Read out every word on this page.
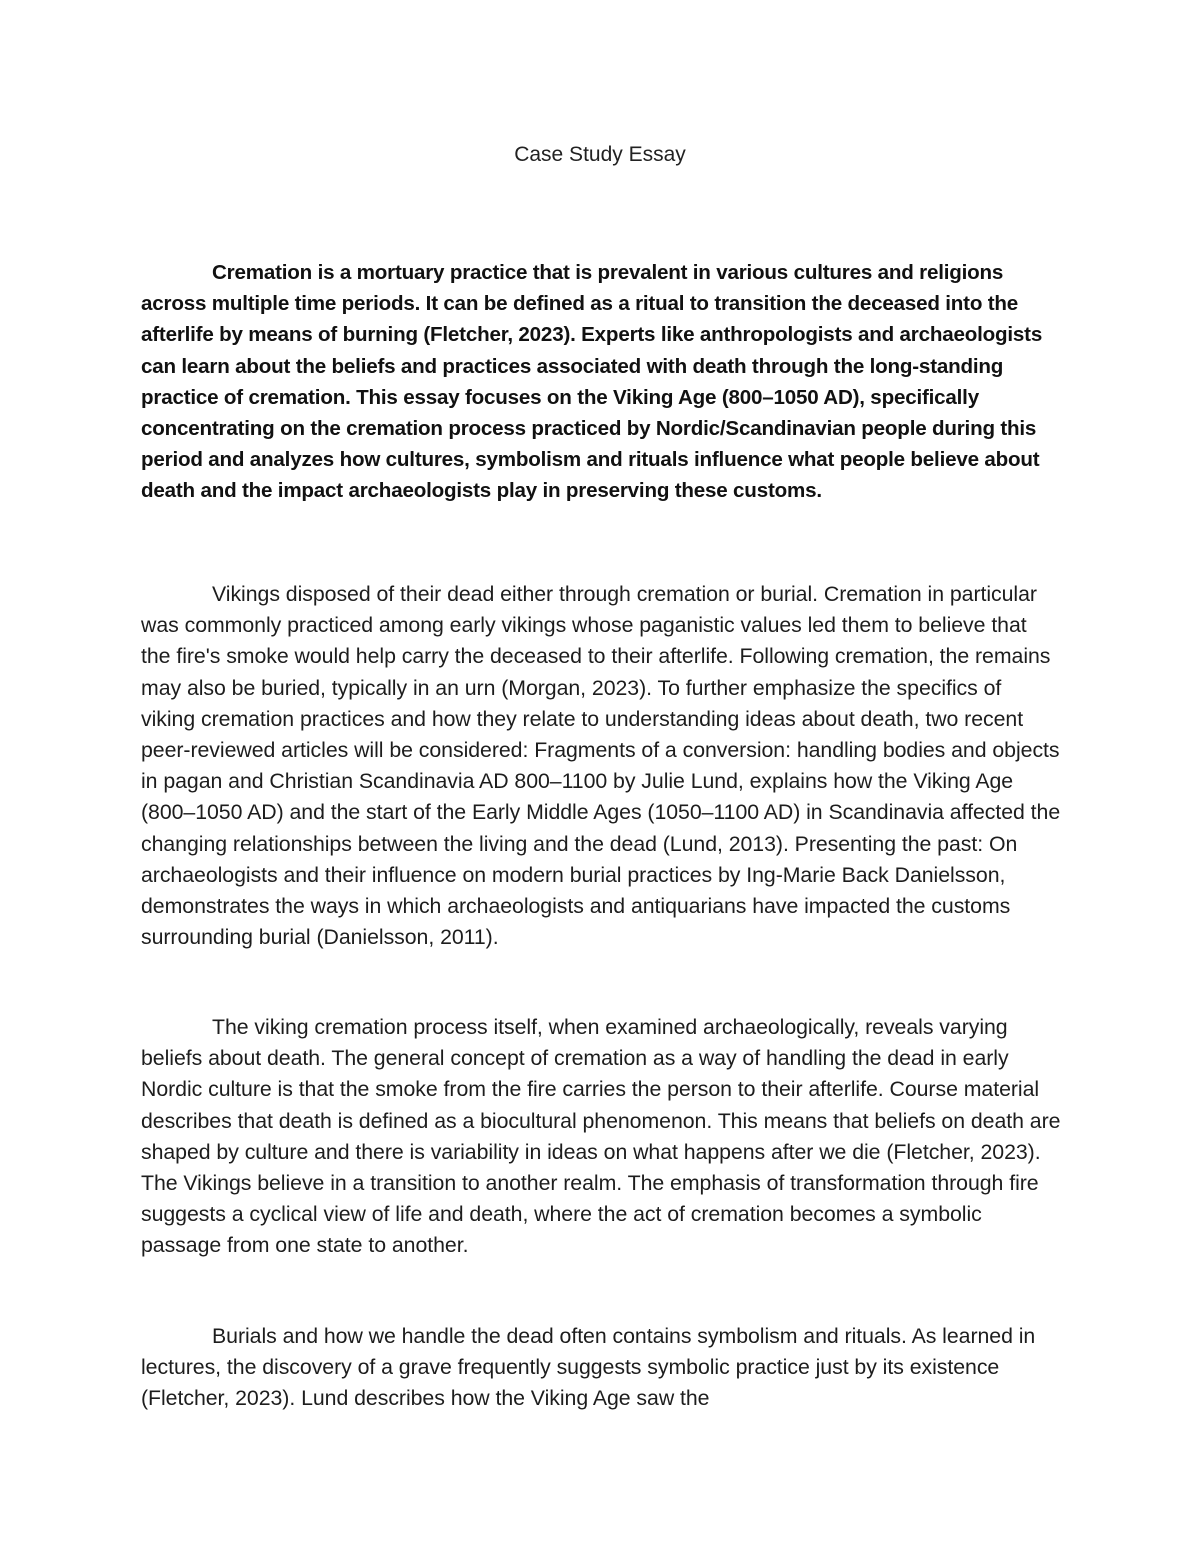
Case Study Essay

Cremation is a mortuary practice that is prevalent in various cultures and religions across multiple time periods. It can be defined as a ritual to transition the deceased into the afterlife by means of burning (Fletcher, 2023). Experts like anthropologists and archaeologists can learn about the beliefs and practices associated with death through the long-standing practice of cremation. This essay focuses on the Viking Age (800–1050 AD), specifically concentrating on the cremation process practiced by Nordic/Scandinavian people during this period and analyzes how cultures, symbolism and rituals influence what people believe about death and the impact archaeologists play in preserving these customs.

Vikings disposed of their dead either through cremation or burial. Cremation in particular was commonly practiced among early vikings whose paganistic values led them to believe that the fire's smoke would help carry the deceased to their afterlife. Following cremation, the remains may also be buried, typically in an urn (Morgan, 2023). To further emphasize the specifics of viking cremation practices and how they relate to understanding ideas about death, two recent peer-reviewed articles will be considered: Fragments of a conversion: handling bodies and objects in pagan and Christian Scandinavia AD 800–1100 by Julie Lund, explains how the Viking Age (800–1050 AD) and the start of the Early Middle Ages (1050–1100 AD) in Scandinavia affected the changing relationships between the living and the dead (Lund, 2013). Presenting the past: On archaeologists and their influence on modern burial practices by Ing-Marie Back Danielsson, demonstrates the ways in which archaeologists and antiquarians have impacted the customs surrounding burial (Danielsson, 2011).

The viking cremation process itself, when examined archaeologically, reveals varying beliefs about death. The general concept of cremation as a way of handling the dead in early Nordic culture is that the smoke from the fire carries the person to their afterlife. Course material describes that death is defined as a biocultural phenomenon. This means that beliefs on death are shaped by culture and there is variability in ideas on what happens after we die (Fletcher, 2023). The Vikings believe in a transition to another realm. The emphasis of transformation through fire suggests a cyclical view of life and death, where the act of cremation becomes a symbolic passage from one state to another.

Burials and how we handle the dead often contains symbolism and rituals. As learned in lectures, the discovery of a grave frequently suggests symbolic practice just by its existence (Fletcher, 2023). Lund describes how the Viking Age saw the
